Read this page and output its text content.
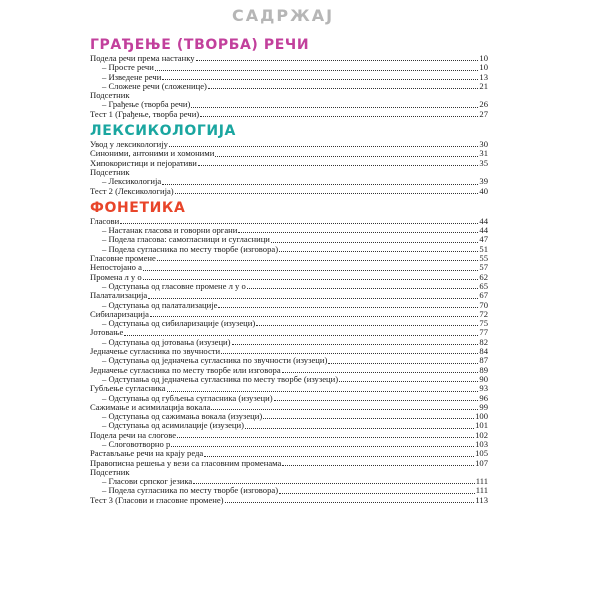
САДРЖАЈ
ГРАЂЕЊЕ (ТВОРБА) РЕЧИ
Подела речи према настанку	10
– Просте речи	10
– Изведене речи	13
– Сложене речи (сложенице)	21
Подсетник
– Грађење (творба речи)	26
Тест 1 (Грађење, творба речи)	27
ЛЕКСИКОЛОГИЈА
Увод у лексикологију	30
Синоними, антоними и хомоними	31
Хипокористици и пејоративи	35
Подсетник
– Лексикологија	39
Тест 2 (Лексикологија)	40
ФОНЕТИКА
Гласови	44
– Настанак гласова и говорни органи	44
– Подела гласова: самогласници и сугласници	47
– Подела сугласника по месту творбе (изговора)	51
Гласовне промене	55
Непостојано а	57
Промена л у о	62
– Одступања од гласовне промене л у о	65
Палатализација	67
– Одступања од палатализације	70
Сибиларизација	72
– Одступања од сибиларизације (изузеци)	75
Јотовање	77
– Одступања од јотовања (изузеци)	82
Једначење сугласника по звучности	84
– Одступања од једначења сугласника по звучности (изузеци)	87
Једначење сугласника по месту творбе или изговора	89
– Одступања од једначења сугласника по месту творбе (изузеци)	90
Губљење сугласника	93
– Одступања од губљења сугласника (изузеци)	96
Сажимање и асимилација вокала	99
– Одступања од сажимања вокала (изузеци)	100
– Одступања од асимилације (изузеци)	101
Подела речи на слогове	102
– Слоговотворно р	103
Растављање речи на крају реда	105
Правописна решења у вези са гласовним променама	107
Подсетник
– Гласови српског језика	111
– Подела сугласника по месту творбе (изговора)	111
Тест 3 (Гласови и гласовне промене)	113
